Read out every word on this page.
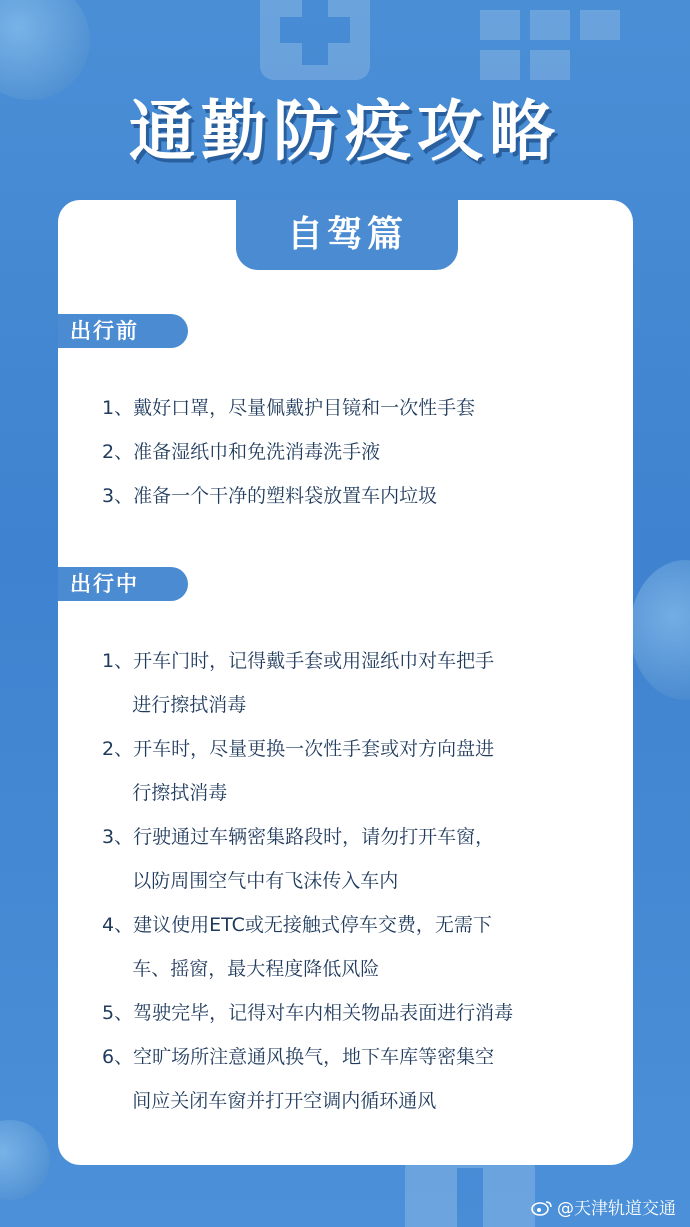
通勤防疫攻略
自驾篇
出行前
1、戴好口罩，尽量佩戴护目镜和一次性手套
2、准备湿纸巾和免洗消毒洗手液
3、准备一个干净的塑料袋放置车内垃圾
出行中
1、开车门时，记得戴手套或用湿纸巾对车把手
进行擦拭消毒
2、开车时，尽量更换一次性手套或对方向盘进
行擦拭消毒
3、行驶通过车辆密集路段时，请勿打开车窗，
以防周围空气中有飞沫传入车内
4、建议使用ETC或无接触式停车交费，无需下
车、摇窗，最大程度降低风险
5、驾驶完毕，记得对车内相关物品表面进行消毒
6、空旷场所注意通风换气，地下车库等密集空
间应关闭车窗并打开空调内循环通风
@天津轨道交通
